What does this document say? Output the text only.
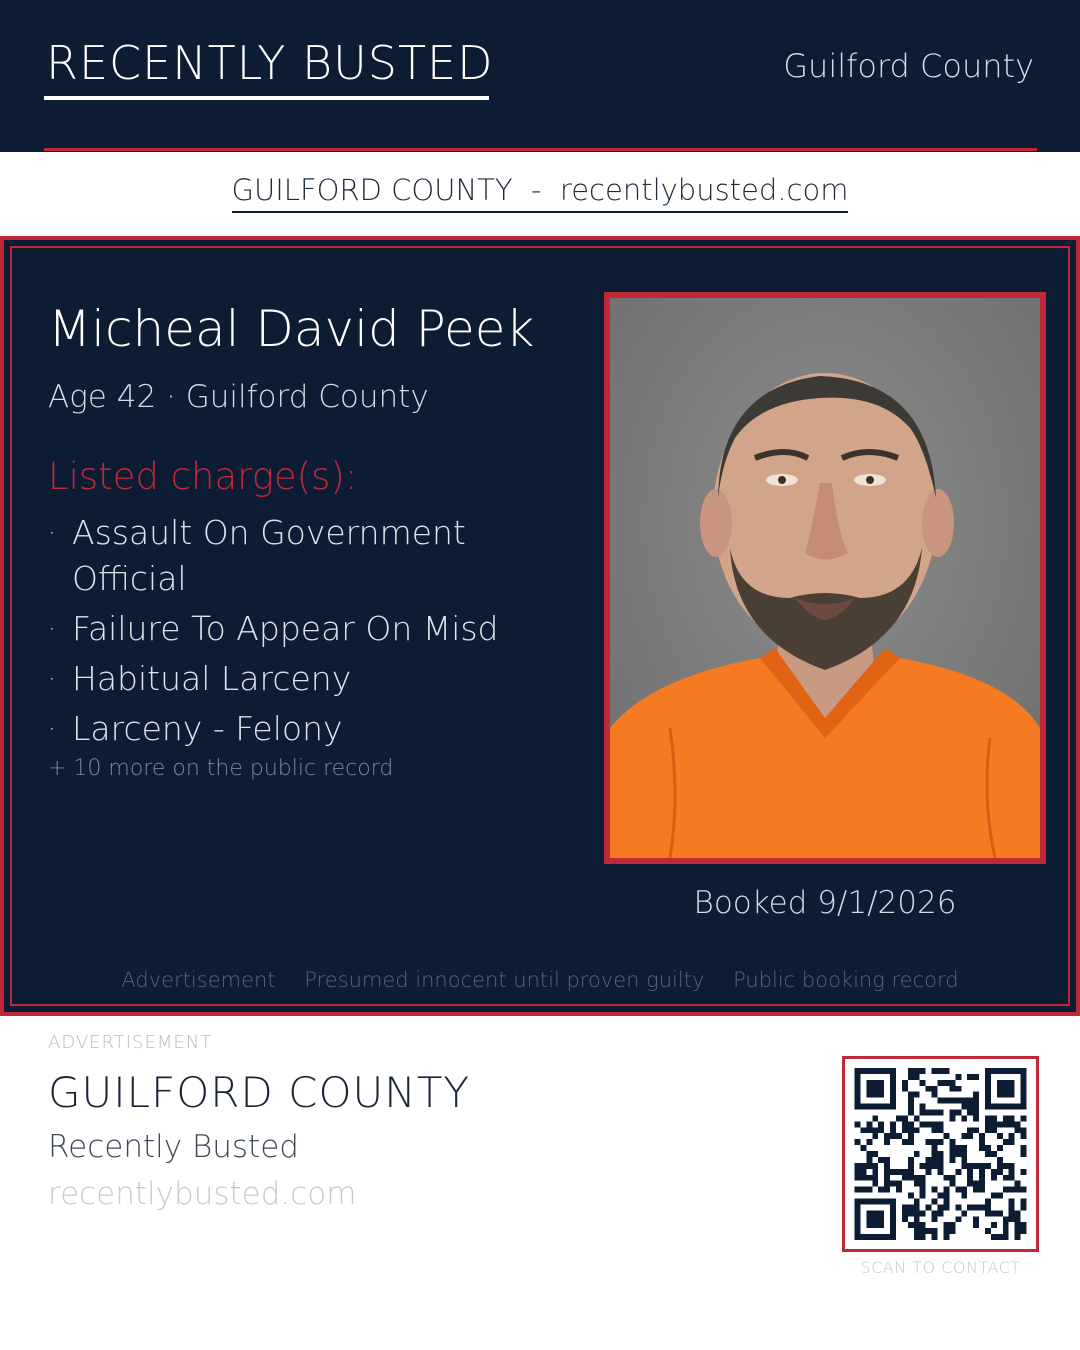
RECENTLY BUSTED	Guilford County
GUILFORD COUNTY  -  recentlybusted.com
Micheal David Peek
Age 42 · Guilford County
Listed charge(s):
· Assault On Government Official
· Failure To Appear On Misd
· Habitual Larceny
· Larceny - Felony
+ 10 more on the public record
Booked 9/1/2026
Advertisement Presumed innocent until proven guilty Public booking record
ADVERTISEMENT
GUILFORD COUNTY
Recently Busted
recentlybusted.com
SCAN TO CONTACT
